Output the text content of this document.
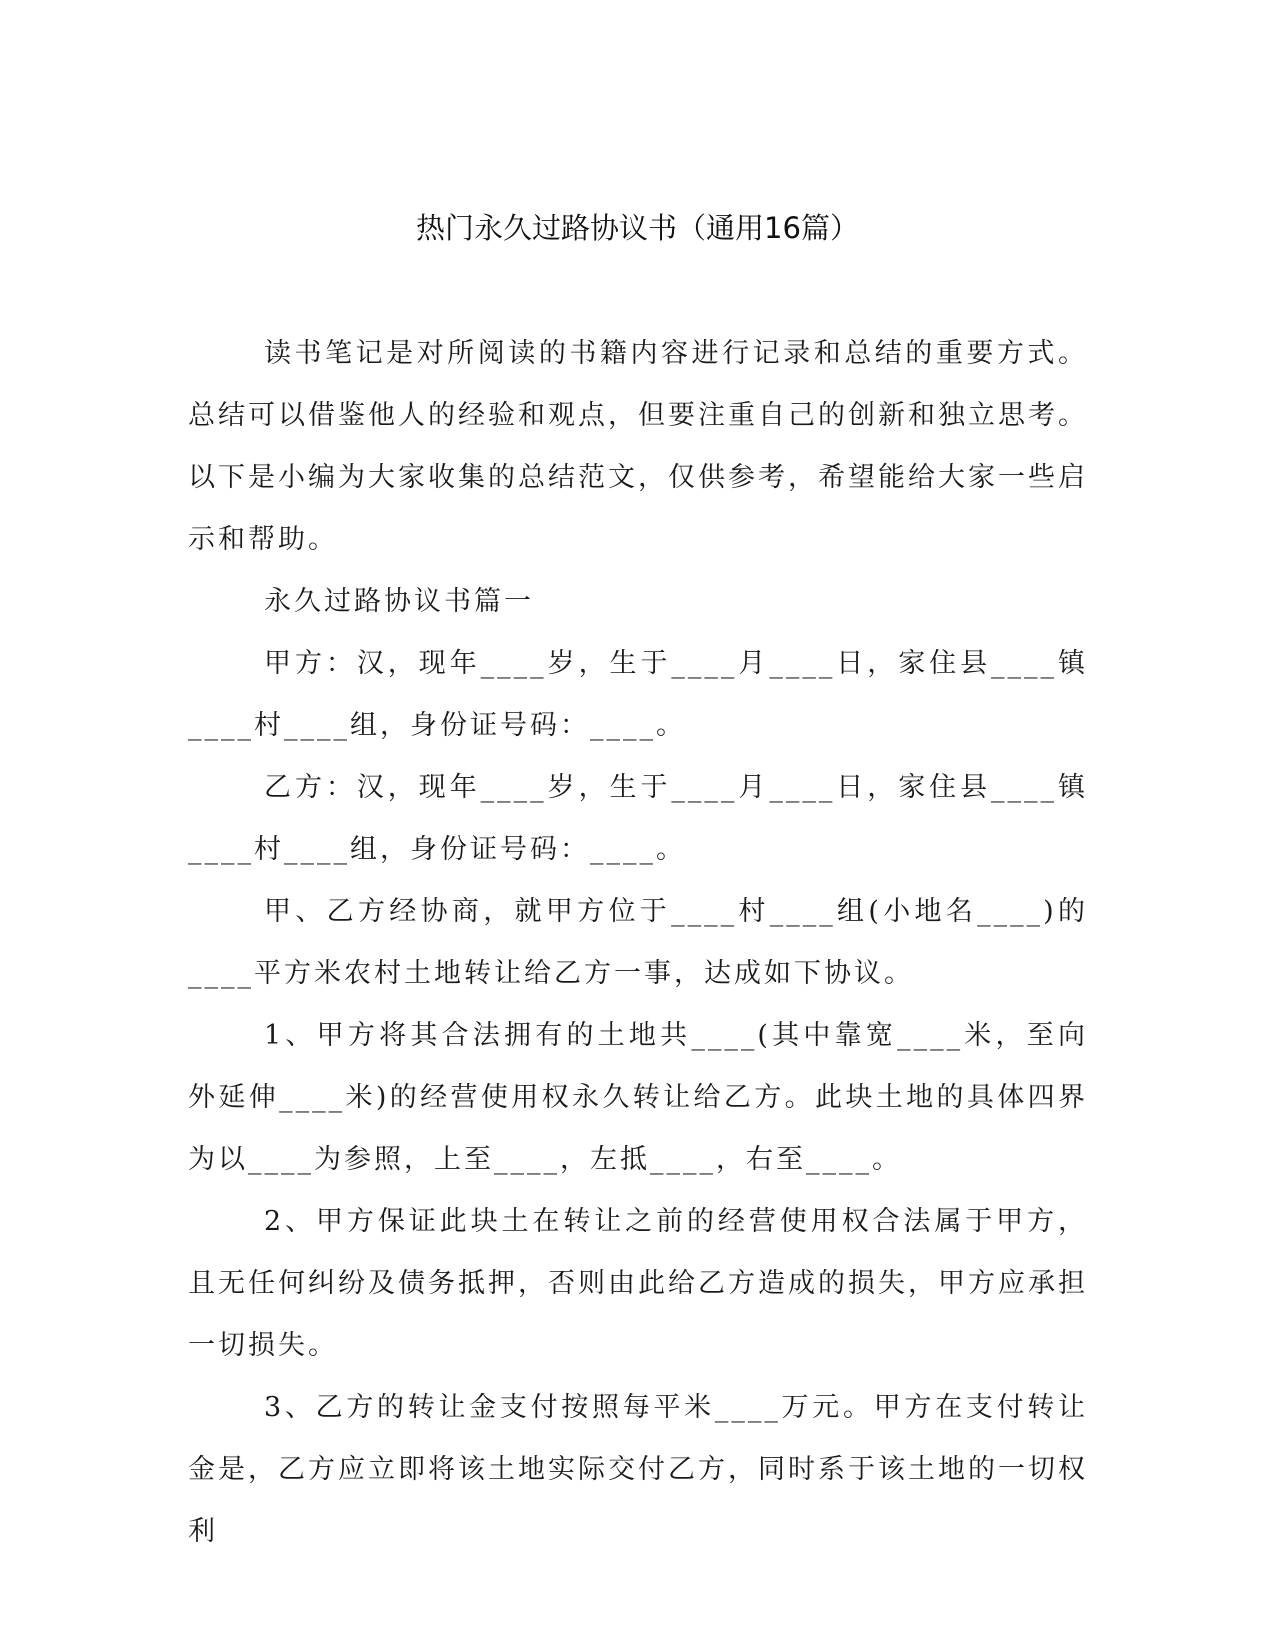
热门永久过路协议书（通用16篇）

读书笔记是对所阅读的书籍内容进行记录和总结的重要方式。总结可以借鉴他人的经验和观点，但要注重自己的创新和独立思考。以下是小编为大家收集的总结范文，仅供参考，希望能给大家一些启示和帮助。

永久过路协议书篇一

甲方：汉，现年____岁，生于____月____日，家住县____镇____村____组，身份证号码：____。

乙方：汉，现年____岁，生于____月____日，家住县____镇____村____组，身份证号码：____。

甲、乙方经协商，就甲方位于____村____组(小地名____)的____平方米农村土地转让给乙方一事，达成如下协议。

1、甲方将其合法拥有的土地共____(其中靠宽____米，至向外延伸____米)的经营使用权永久转让给乙方。此块土地的具体四界为以____为参照，上至____，左抵____，右至____。

2、甲方保证此块土在转让之前的经营使用权合法属于甲方，且无任何纠纷及债务抵押，否则由此给乙方造成的损失，甲方应承担一切损失。

3、乙方的转让金支付按照每平米____万元。甲方在支付转让金是，乙方应立即将该土地实际交付乙方，同时系于该土地的一切权利
